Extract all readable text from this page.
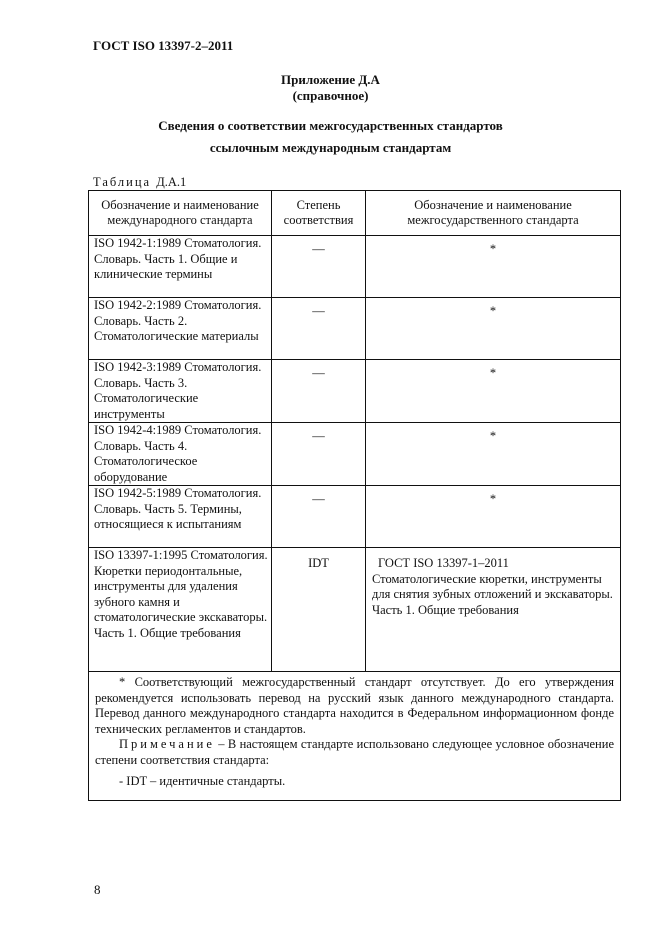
ГОСТ ISO 13397-2–2011
Приложение Д.А
(справочное)
Сведения о соответствии межгосударственных стандартов
ссылочным международным стандартам
Таблица Д.А.1
Обозначение и наименование международного стандарта	Степень соответствия	Обозначение и наименование межгосударственного стандарта
ISO 1942-1:1989 Стоматология. Словарь. Часть 1. Общие и клинические термины	—	*
ISO 1942-2:1989 Стоматология. Словарь. Часть 2. Стоматологические материалы	—	*
ISO 1942-3:1989 Стоматология. Словарь. Часть 3. Стоматологические инструменты	—	*
ISO 1942-4:1989 Стоматология. Словарь. Часть 4. Стоматологическое оборудование	—	*
ISO 1942-5:1989 Стоматология. Словарь. Часть 5. Термины, относящиеся к испытаниям	—	*
ISO 13397-1:1995 Стоматология. Кюретки периодонтальные, инструменты для удаления зубного камня и стоматологические экскаваторы. Часть 1. Общие требования	IDT	ГОСТ ISO 13397-1–2011
Стоматологические кюретки, инструменты для снятия зубных отложений и экскаваторы. Часть 1. Общие требования

* Соответствующий межгосударственный стандарт отсутствует. До его утверждения рекомендуется использовать перевод на русский язык данного международного стандарта. Перевод данного международного стандарта находится в Федеральном информационном фонде технических регламентов и стандартов.

Примечание – В настоящем стандарте использовано следующее условное обозначение степени соответствия стандарта:

- IDT – идентичные стандарты.		

8
